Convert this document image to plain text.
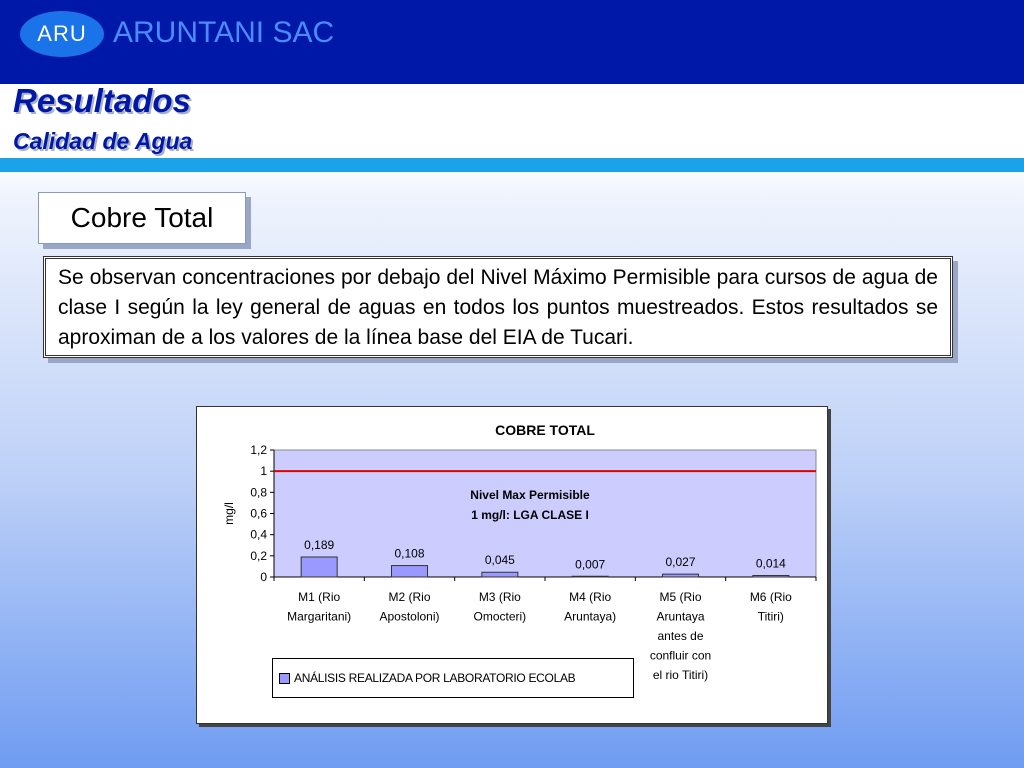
ARU ARUNTANI SAC
Resultados
Calidad de Agua
Cobre Total
Se observan concentraciones por debajo del Nivel Máximo Permisible para cursos de agua de clase I según la ley general de aguas en todos los puntos muestreados. Estos resultados se aproximan de a los valores de la línea base del EIA de Tucari.
COBRE TOTAL
0
0,2
0,4
0,6
0,8
1
1,2
mg/l
0,189
M1 (Rio
Margaritani)
0,108
M2 (Rio
Apostoloni)
0,045
M3 (Rio
Omocteri)
0,007
M4 (Rio
Aruntaya)
0,027
M5 (Rio
Aruntaya
antes de
confluir con
el rio Titiri)
0,014
M6 (Rio
Titiri)
Nivel Max Permisible
1 mg/l: LGA CLASE I
ANÁLISIS REALIZADA POR LABORATORIO ECOLAB
